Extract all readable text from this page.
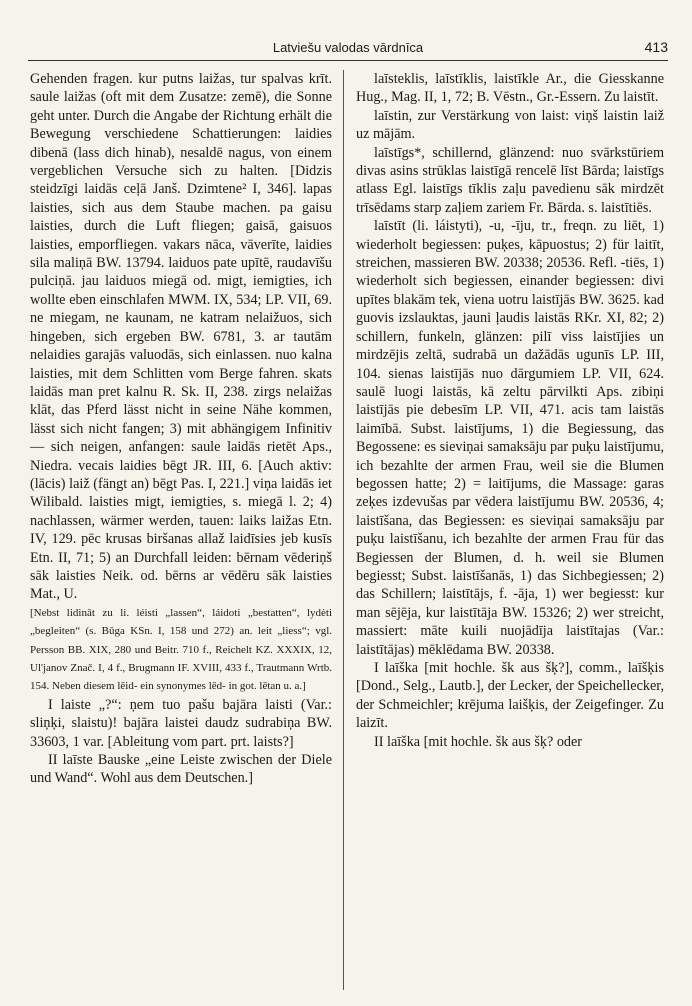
Latviešu valodas vārdnīca	413

Gehenden fragen. kur putns laižas, tur spalvas krīt. saule laižas (oft mit dem Zusatze: zemē), die Sonne geht unter. Durch die Angabe der Richtung erhält die Bewegung verschiedene Schattierungen: laidies dibenā (lass dich hinab), nesaldē nagus, von einem vergeblichen Versuche sich zu halten. [Didzis steidzīgi laidās ceļā Janš. Dzimtene² I, 346]. lapas laisties, sich aus dem Staube machen. pa gaisu laisties, durch die Luft fliegen; gaisā, gaisuos laisties, emporfliegen. vakars nāca, vāverīte, laidies sila maliņā BW. 13794. laiduos pate upītē, raudavīšu pulciņā. jau laiduos miegā od. migt, iemigties, ich wollte eben einschlafen MWM. IX, 534; LP. VII, 69. ne miegam, ne kaunam, ne katram nelaižuos, sich hingeben, sich ergeben BW. 6781, 3. ar tautām nelaidies garajās valuodās, sich einlassen. nuo kalna laisties, mit dem Schlitten vom Berge fahren. skats laidās man pret kalnu R. Sk. II, 238. zirgs nelaižas klāt, das Pferd lässt nicht in seine Nähe kommen, lässt sich nicht fangen; 3) mit abhängigem Infinitiv — sich neigen, anfangen: saule laidās rietēt Aps., Niedra. vecais laidies bēgt JR. III, 6. [Auch aktiv: (lācis) laiž (fängt an) bēgt Pas. I, 221.] viņa laidās iet Wilibald. laisties migt, iemigties, s. miegā l. 2; 4) nachlassen, wärmer werden, tauen: laiks laižas Etn. IV, 129. pēc krusas biršanas allaž laidīsies jeb kusīs Etn. II, 71; 5) an Durchfall leiden: bērnam vēderiņš sāk laisties Neik. od. bērns ar vēdēru sāk laisties Mat., U.

[Nebst lidināt zu li. léisti „lassen“, láidoti „bestatten“, lydėti „begleiten“ (s. Būga KSn. I, 158 und 272) an. leit „liess“; vgl. Persson BB. XIX, 280 und Beitr. 710 f., Reichelt KZ. XXXIX, 12, Ul'janov Znač. I, 4 f., Brugmann IF. XVIII, 433 f., Trautmann Wrtb. 154. Neben diesem lēid- ein synonymes lēd- in got. lētan u. a.]

I laiste „?“: ņem tuo pašu bajāra laisti (Var.: sliņķi, slaistu)! bajāra laistei daudz sudrabiņa BW. 33603, 1 var. [Ableitung vom part. prt. laists?]

II laīste Bauske „eine Leiste zwischen der Diele und Wand“. Wohl aus dem Deutschen.]

laīsteklis, laīstīklis, laistīkle Ar., die Giesskanne Hug., Mag. II, 1, 72; B. Vēstn., Gr.-Essern. Zu laistīt.

laīstin, zur Verstärkung von laist: viņš laistin laiž uz mājām.

laīstīgs*, schillernd, glänzend: nuo svārkstūriem divas asins strūklas laistīgā rencelē līst Bārda; laistīgs atlass Egl. laistīgs tīklis zaļu pavedienu sāk mirdzēt trīsēdams starp zaļiem zariem Fr. Bārda. s. laistītiēs.

laīstīt (li. láistyti), -u, -īju, tr., freqn. zu liēt, 1) wiederholt begiessen: puķes, kāpuostus; 2) für laitīt, streichen, massieren BW. 20338; 20536. Refl. -tiēs, 1) wiederholt sich begiessen, einander begiessen: divi upītes blakām tek, viena uotru laistījās BW. 3625. kad guovis izslauktas, jauni ļaudis laistās RKr. XI, 82; 2) schillern, funkeln, glänzen: pilī viss laistījies un mirdzējis zeltā, sudrabā un dažādās ugunīs LP. III, 104. sienas laistījās nuo dārgumiem LP. VII, 624. saulē luogi laistās, kā zeltu pārvilkti Aps. zibiņi laistījās pie debesīm LP. VII, 471. acis tam laistās laimībā. Subst. laistījums, 1) die Begiessung, das Begossene: es sieviņai samaksāju par puķu laistījumu, ich bezahlte der armen Frau, weil sie die Blumen begossen hatte; 2) = laitījums, die Massage: garas zeķes izdevušas par vēdera laistījumu BW. 20536, 4; laistīšana, das Begiessen: es sieviņai samaksāju par puķu laistīšanu, ich bezahlte der armen Frau für das Begiessen der Blumen, d. h. weil sie Blumen begiesst; Subst. laistīšanās, 1) das Sichbegiessen; 2) das Schillern; laistītājs, f. -āja, 1) wer begiesst: kur man sējēja, kur laistītāja BW. 15326; 2) wer streicht, massiert: māte kuili nuojādīja laistītajas (Var.: laistītājas) mēklēdama BW. 20338.

I laīška [mit hochle. šk aus šķ?], comm., laīšķis [Dond., Selg., Lautb.], der Lecker, der Speichellecker, der Schmeichler; krējuma laišķis, der Zeigefinger. Zu laizīt.

II laīška [mit hochle. šk aus šķ? oder
